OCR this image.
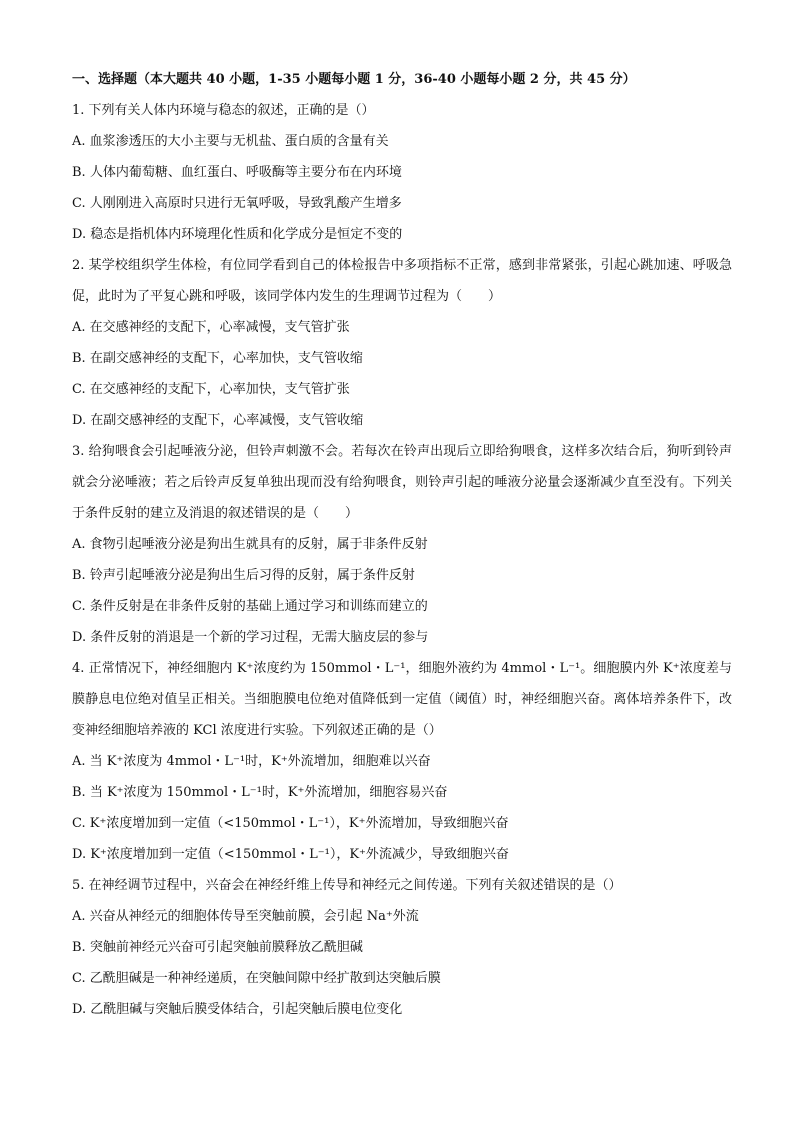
一、选择题（本大题共 40 小题，1-35 小题每小题 1 分，36-40 小题每小题 2 分，共 45 分）
1. 下列有关人体内环境与稳态的叙述，正确的是（）
A. 血浆渗透压的大小主要与无机盐、蛋白质的含量有关
B. 人体内葡萄糖、血红蛋白、呼吸酶等主要分布在内环境
C. 人刚刚进入高原时只进行无氧呼吸，导致乳酸产生增多
D. 稳态是指机体内环境理化性质和化学成分是恒定不变的
2. 某学校组织学生体检，有位同学看到自己的体检报告中多项指标不正常，感到非常紧张，引起心跳加速、呼吸急促，此时为了平复心跳和呼吸，该同学体内发生的生理调节过程为（　　）
A. 在交感神经的支配下，心率减慢，支气管扩张
B. 在副交感神经的支配下，心率加快，支气管收缩
C. 在交感神经的支配下，心率加快，支气管扩张
D. 在副交感神经的支配下，心率减慢，支气管收缩
3. 给狗喂食会引起唾液分泌，但铃声刺激不会。若每次在铃声出现后立即给狗喂食，这样多次结合后，狗听到铃声就会分泌唾液；若之后铃声反复单独出现而没有给狗喂食，则铃声引起的唾液分泌量会逐渐减少直至没有。下列关于条件反射的建立及消退的叙述错误的是（　　）
A. 食物引起唾液分泌是狗出生就具有的反射，属于非条件反射
B. 铃声引起唾液分泌是狗出生后习得的反射，属于条件反射
C. 条件反射是在非条件反射的基础上通过学习和训练而建立的
D. 条件反射的消退是一个新的学习过程，无需大脑皮层的参与
4. 正常情况下，神经细胞内 K⁺浓度约为 150mmol・L⁻¹，细胞外液约为 4mmol・L⁻¹。细胞膜内外 K⁺浓度差与膜静息电位绝对值呈正相关。当细胞膜电位绝对值降低到一定值（阈值）时，神经细胞兴奋。离体培养条件下，改变神经细胞培养液的 KCl 浓度进行实验。下列叙述正确的是（）
A. 当 K⁺浓度为 4mmol・L⁻¹时，K⁺外流增加，细胞难以兴奋
B. 当 K⁺浓度为 150mmol・L⁻¹时，K⁺外流增加，细胞容易兴奋
C. K⁺浓度增加到一定值（<150mmol・L⁻¹），K⁺外流增加，导致细胞兴奋
D. K⁺浓度增加到一定值（<150mmol・L⁻¹），K⁺外流减少，导致细胞兴奋
5. 在神经调节过程中，兴奋会在神经纤维上传导和神经元之间传递。下列有关叙述错误的是（）
A. 兴奋从神经元的细胞体传导至突触前膜，会引起 Na⁺外流
B. 突触前神经元兴奋可引起突触前膜释放乙酰胆碱
C. 乙酰胆碱是一种神经递质，在突触间隙中经扩散到达突触后膜
D. 乙酰胆碱与突触后膜受体结合，引起突触后膜电位变化
